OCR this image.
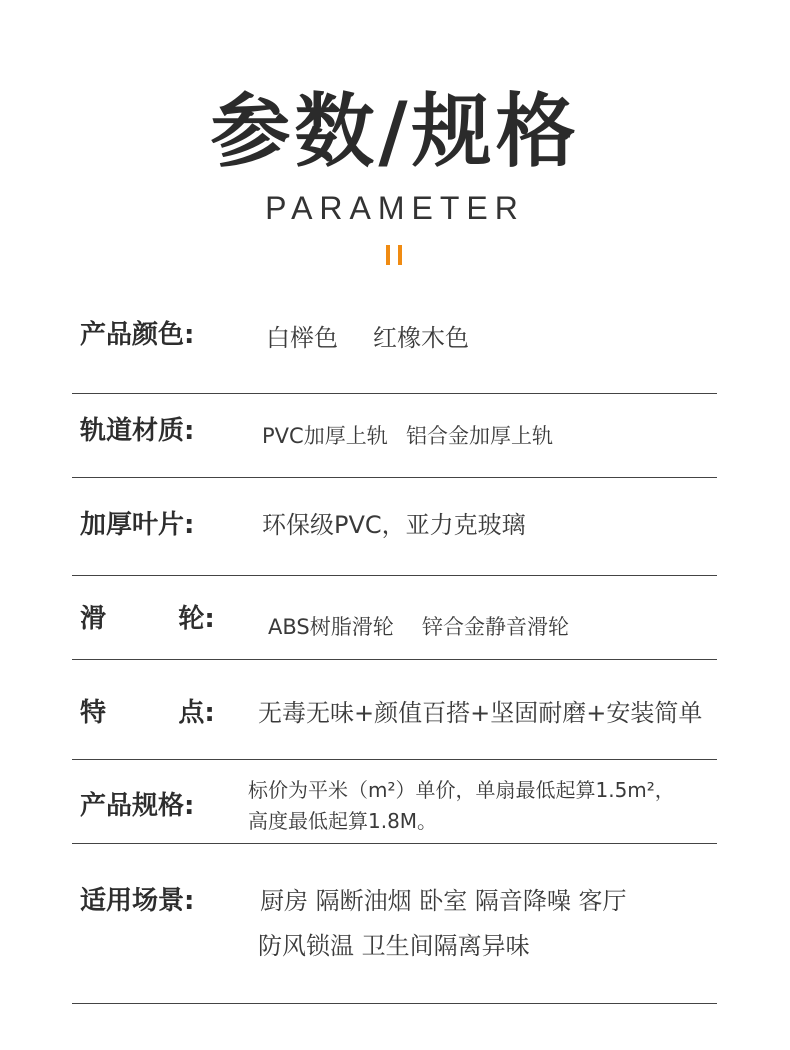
参数/规格
PARAMETER
产品颜色:	白榉色 红橡木色
轨道材质:	PVC加厚上轨 铝合金加厚上轨
加厚叶片:	环保级PVC，亚力克玻璃
滑        轮:	ABS树脂滑轮 锌合金静音滑轮
特        点: 无毒无味+颜值百搭+坚固耐磨+安装简单
产品规格:
标价为平米（m²）单价，单扇最低起算1.5m²，
高度最低起算1.8M。
适用场景:	厨房 隔断油烟 卧室 隔音降噪 客厅
防风锁温 卫生间隔离异味
